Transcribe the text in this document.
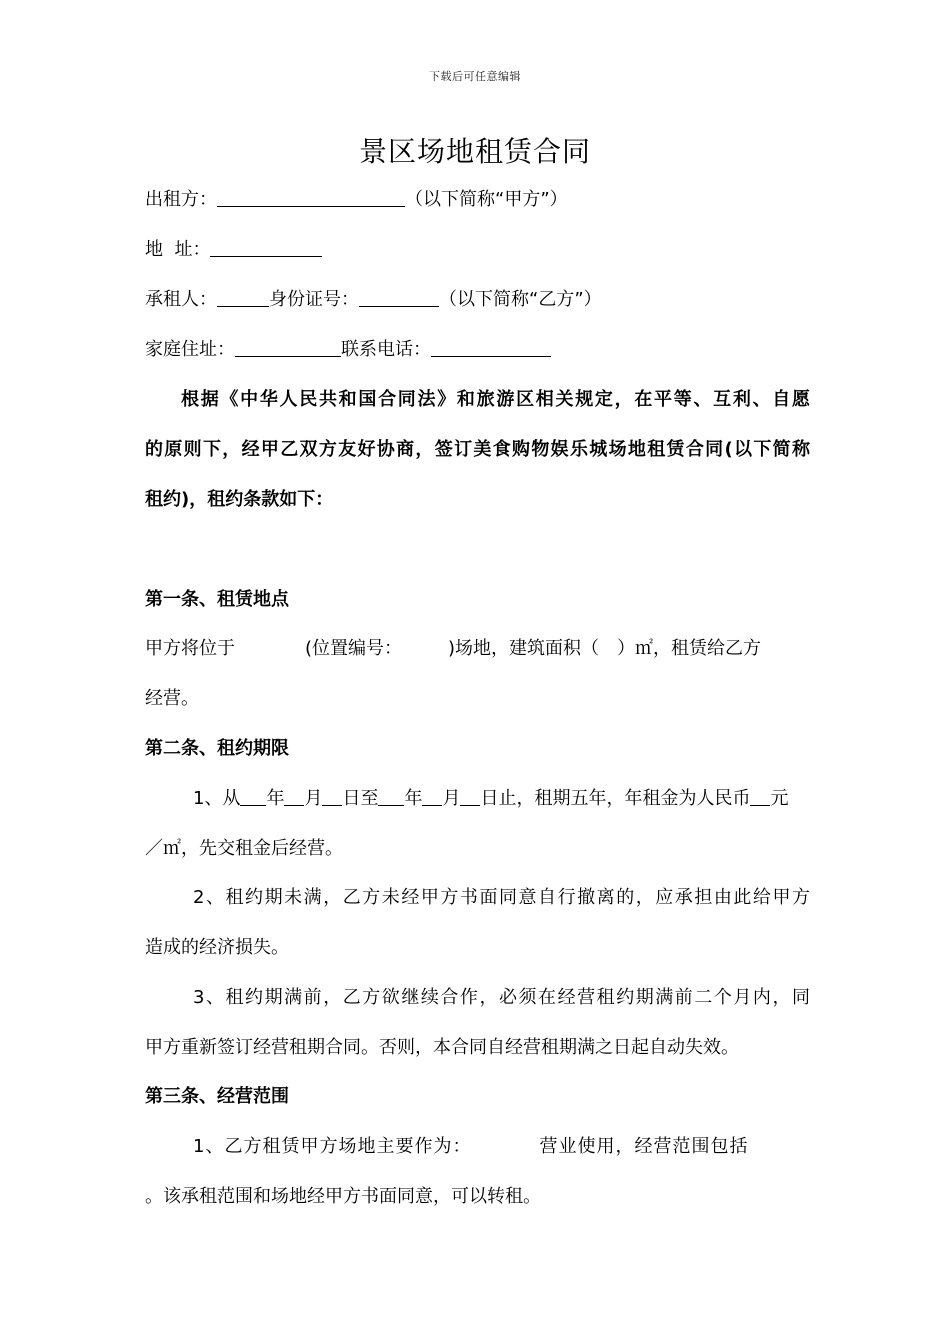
下载后可任意编辑
景区场地租赁合同
出租方：	（以下简称“甲方”）
地  址：
承租人：	身份证号：	（以下简称“乙方”）
家庭住址：	联系电话：
根据《中华人民共和国合同法》和旅游区相关规定，在平等、互利、自愿
的原则下，经甲乙双方友好协商，签订美食购物娱乐城场地租赁合同(以下简称
租约)，租约条款如下：
第一条、租赁地点
甲方将位于	(位置编号：	)场地，建筑面积（ ）㎡，租赁给乙方
经营。
第二条、租约期限
1、从 年 月 日至 年 月 日止，租期五年，年租金为人民币 元
／㎡，先交租金后经营。
2、租约期未满，乙方未经甲方书面同意自行撤离的，应承担由此给甲方
造成的经济损失。
3、租约期满前，乙方欲继续合作，必须在经营租约期满前二个月内，同
甲方重新签订经营租期合同。否则，本合同自经营租期满之日起自动失效。
第三条、经营范围
1、乙方租赁甲方场地主要作为：	营业使用，经营范围包括
。该承租范围和场地经甲方书面同意，可以转租。
